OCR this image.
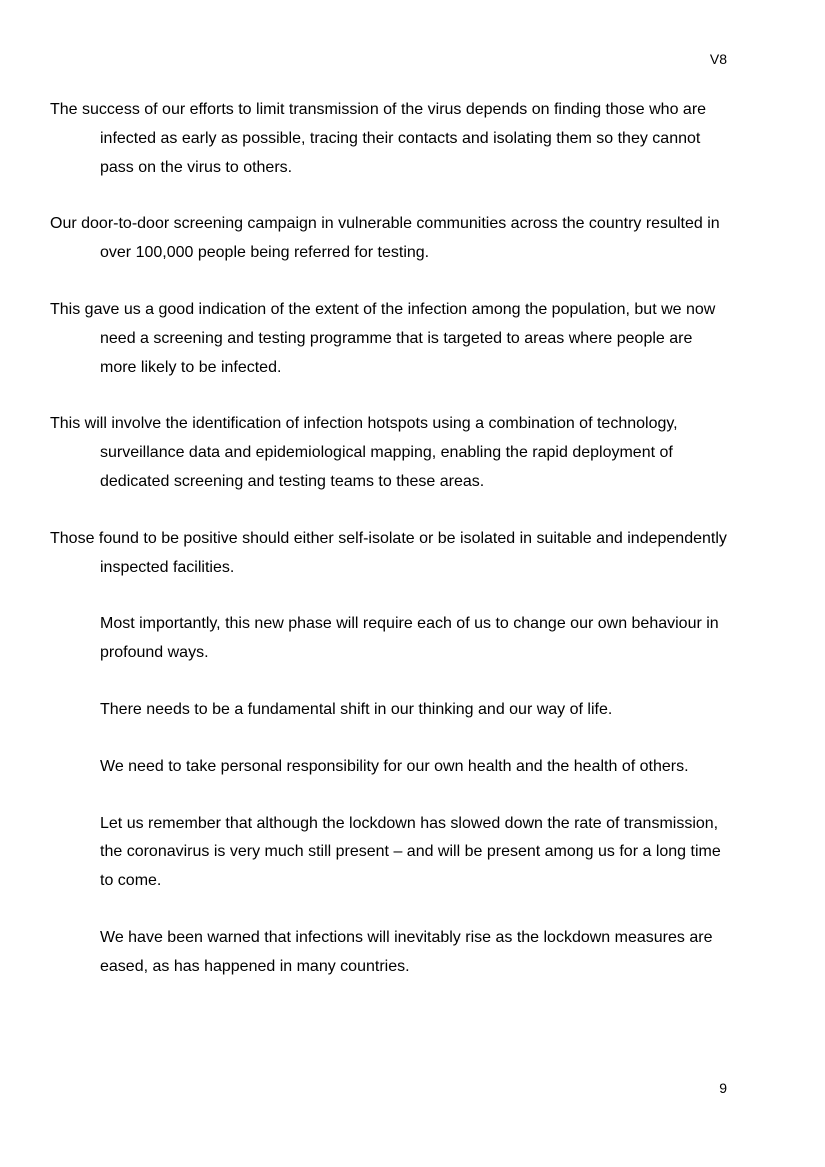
V8

The success of our efforts to limit transmission of the virus depends on finding those who are infected as early as possible, tracing their contacts and isolating them so they cannot pass on the virus to others.

Our door-to-door screening campaign in vulnerable communities across the country resulted in over 100,000 people being referred for testing.

This gave us a good indication of the extent of the infection among the population, but we now need a screening and testing programme that is targeted to areas where people are more likely to be infected.

This will involve the identification of infection hotspots using a combination of technology, surveillance data and epidemiological mapping, enabling the rapid deployment of dedicated screening and testing teams to these areas.

Those found to be positive should either self-isolate or be isolated in suitable and independently inspected facilities.

Most importantly, this new phase will require each of us to change our own behaviour in profound ways.

There needs to be a fundamental shift in our thinking and our way of life.

We need to take personal responsibility for our own health and the health of others.

Let us remember that although the lockdown has slowed down the rate of transmission, the coronavirus is very much still present – and will be present among us for a long time to come.

We have been warned that infections will inevitably rise as the lockdown measures are eased, as has happened in many countries.

9
